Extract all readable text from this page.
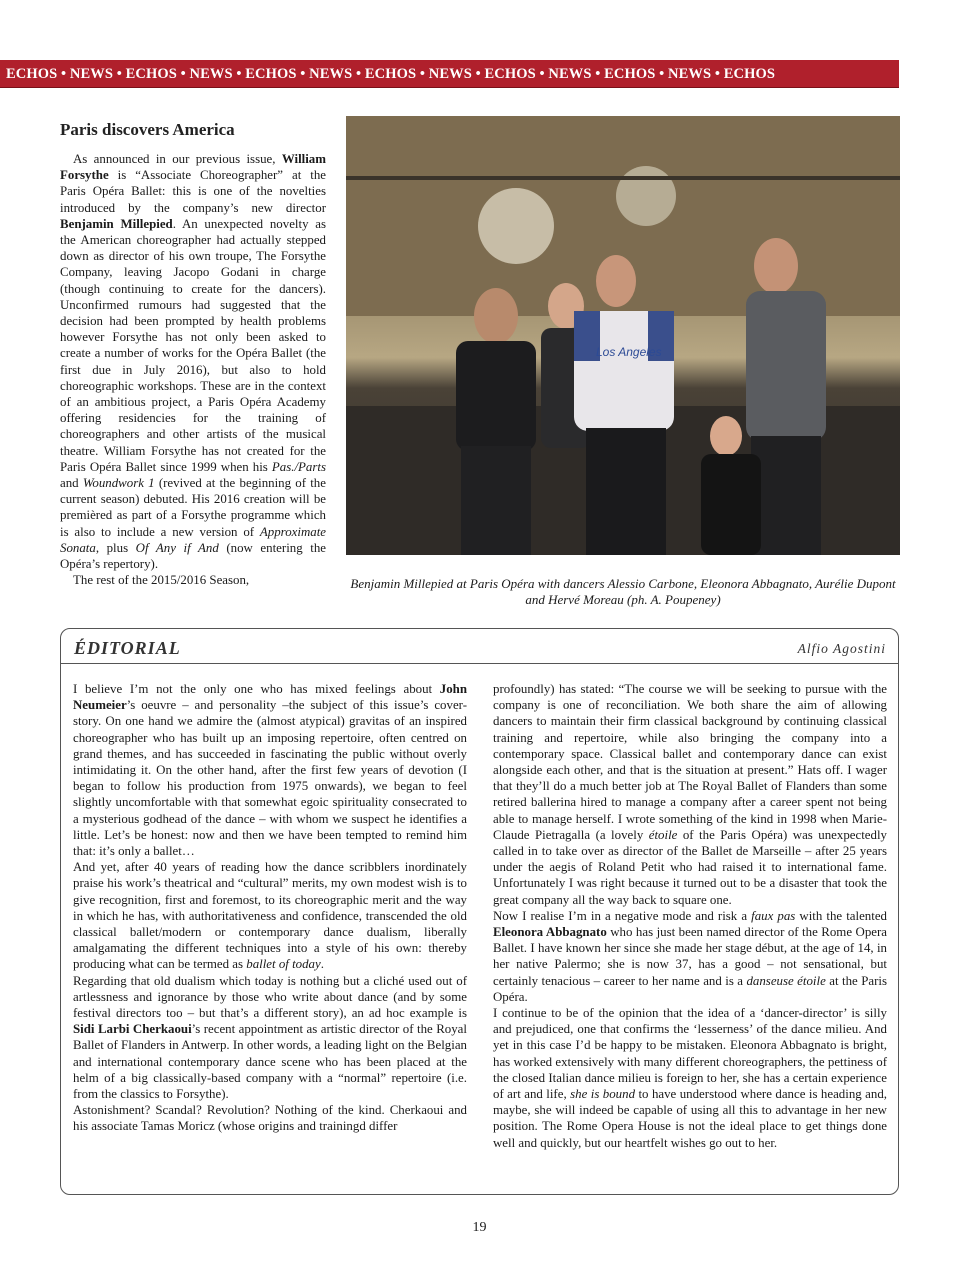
ECHOS • NEWS • ECHOS • NEWS • ECHOS • NEWS • ECHOS • NEWS • ECHOS • NEWS • ECHOS • NEWS • ECHOS
Paris discovers America

As announced in our previous issue, William Forsythe is “Associate Choreographer” at the Paris Opéra Ballet: this is one of the novelties introduced by the company’s new director Benjamin Millepied. An unexpected novelty as the American choreographer had actually stepped down as director of his own troupe, The Forsythe Company, leaving Jacopo Godani in charge (though continuing to create for the dancers). Unconfirmed rumours had suggested that the decision had been prompted by health problems however Forsythe has not only been asked to create a number of works for the Opéra Ballet (the first due in July 2016), but also to hold choreographic workshops. These are in the context of an ambitious project, a Paris Opéra Academy offering residencies for the training of choreographers and other artists of the musical theatre. William Forsythe has not created for the Paris Opéra Ballet since 1999 when his Pas./Parts and Woundwork 1 (revived at the beginning of the current season) debuted. His 2016 creation will be premièred as part of a Forsythe programme which is also to include a new version of Approximate Sonata, plus Of Any if And (now entering the Opéra’s repertory).

The rest of the 2015/2016 Season,

Los Angeles
Benjamin Millepied at Paris Opéra with dancers Alessio Carbone, Eleonora Abbagnato, Aurélie Dupont and Hervé Moreau (ph. A. Poupeney)
ÉDITORIAL	Alfio Agostini

I believe I’m not the only one who has mixed feelings about John Neumeier’s oeuvre – and personality –the subject of this issue’s cover-story. On one hand we admire the (almost atypical) gravitas of an inspired choreographer who has built up an imposing repertoire, often centred on grand themes, and has succeeded in fascinating the public without overly intimidating it. On the other hand, after the first few years of devotion (I began to follow his production from 1975 onwards), we began to feel slightly uncomfortable with that somewhat egoic spirituality consecrated to a mysterious godhead of the dance – with whom we suspect he identifies a little. Let’s be honest: now and then we have been tempted to remind him that: it’s only a ballet…

And yet, after 40 years of reading how the dance scribblers inordinately praise his work’s theatrical and “cultural” merits, my own modest wish is to give recognition, first and foremost, to its choreographic merit and the way in which he has, with authoritativeness and confidence, transcended the old classical ballet/modern or contemporary dance dualism, liberally amalgamating the different techniques into a style of his own: thereby producing what can be termed as ballet of today.

Regarding that old dualism which today is nothing but a cliché used out of artlessness and ignorance by those who write about dance (and by some festival directors too – but that’s a different story), an ad hoc example is Sidi Larbi Cherkaoui’s recent appointment as artistic director of the Royal Ballet of Flanders in Antwerp. In other words, a leading light on the Belgian and international contemporary dance scene who has been placed at the helm of a big classically-based company with a “normal” repertoire (i.e. from the classics to Forsythe).

Astonishment? Scandal? Revolution? Nothing of the kind. Cherkaoui and his associate Tamas Moricz (whose origins and trainingd differ

profoundly) has stated: “The course we will be seeking to pursue with the company is one of reconciliation. We both share the aim of allowing dancers to maintain their firm classical background by continuing classical training and repertoire, while also bringing the company into a contemporary space. Classical ballet and contemporary dance can exist alongside each other, and that is the situation at present.” Hats off. I wager that they’ll do a much better job at The Royal Ballet of Flanders than some retired ballerina hired to manage a company after a career spent not being able to manage herself. I wrote something of the kind in 1998 when Marie-Claude Pietragalla (a lovely étoile of the Paris Opéra) was unexpectedly called in to take over as director of the Ballet de Marseille – after 25 years under the aegis of Roland Petit who had raised it to international fame. Unfortunately I was right because it turned out to be a disaster that took the great company all the way back to square one.

Now I realise I’m in a negative mode and risk a faux pas with the talented Eleonora Abbagnato who has just been named director of the Rome Opera Ballet. I have known her since she made her stage début, at the age of 14, in her native Palermo; she is now 37, has a good – not sensational, but certainly tenacious – career to her name and is a danseuse étoile at the Paris Opéra.

I continue to be of the opinion that the idea of a ‘dancer-director’ is silly and prejudiced, one that confirms the ‘lesserness’ of the dance milieu. And yet in this case I’d be happy to be mistaken. Eleonora Abbagnato is bright, has worked extensively with many different choreographers, the pettiness of the closed Italian dance milieu is foreign to her, she has a certain experience of art and life, she is bound to have understood where dance is heading and, maybe, she will indeed be capable of using all this to advantage in her new position. The Rome Opera House is not the ideal place to get things done well and quickly, but our heartfelt wishes go out to her.

19
